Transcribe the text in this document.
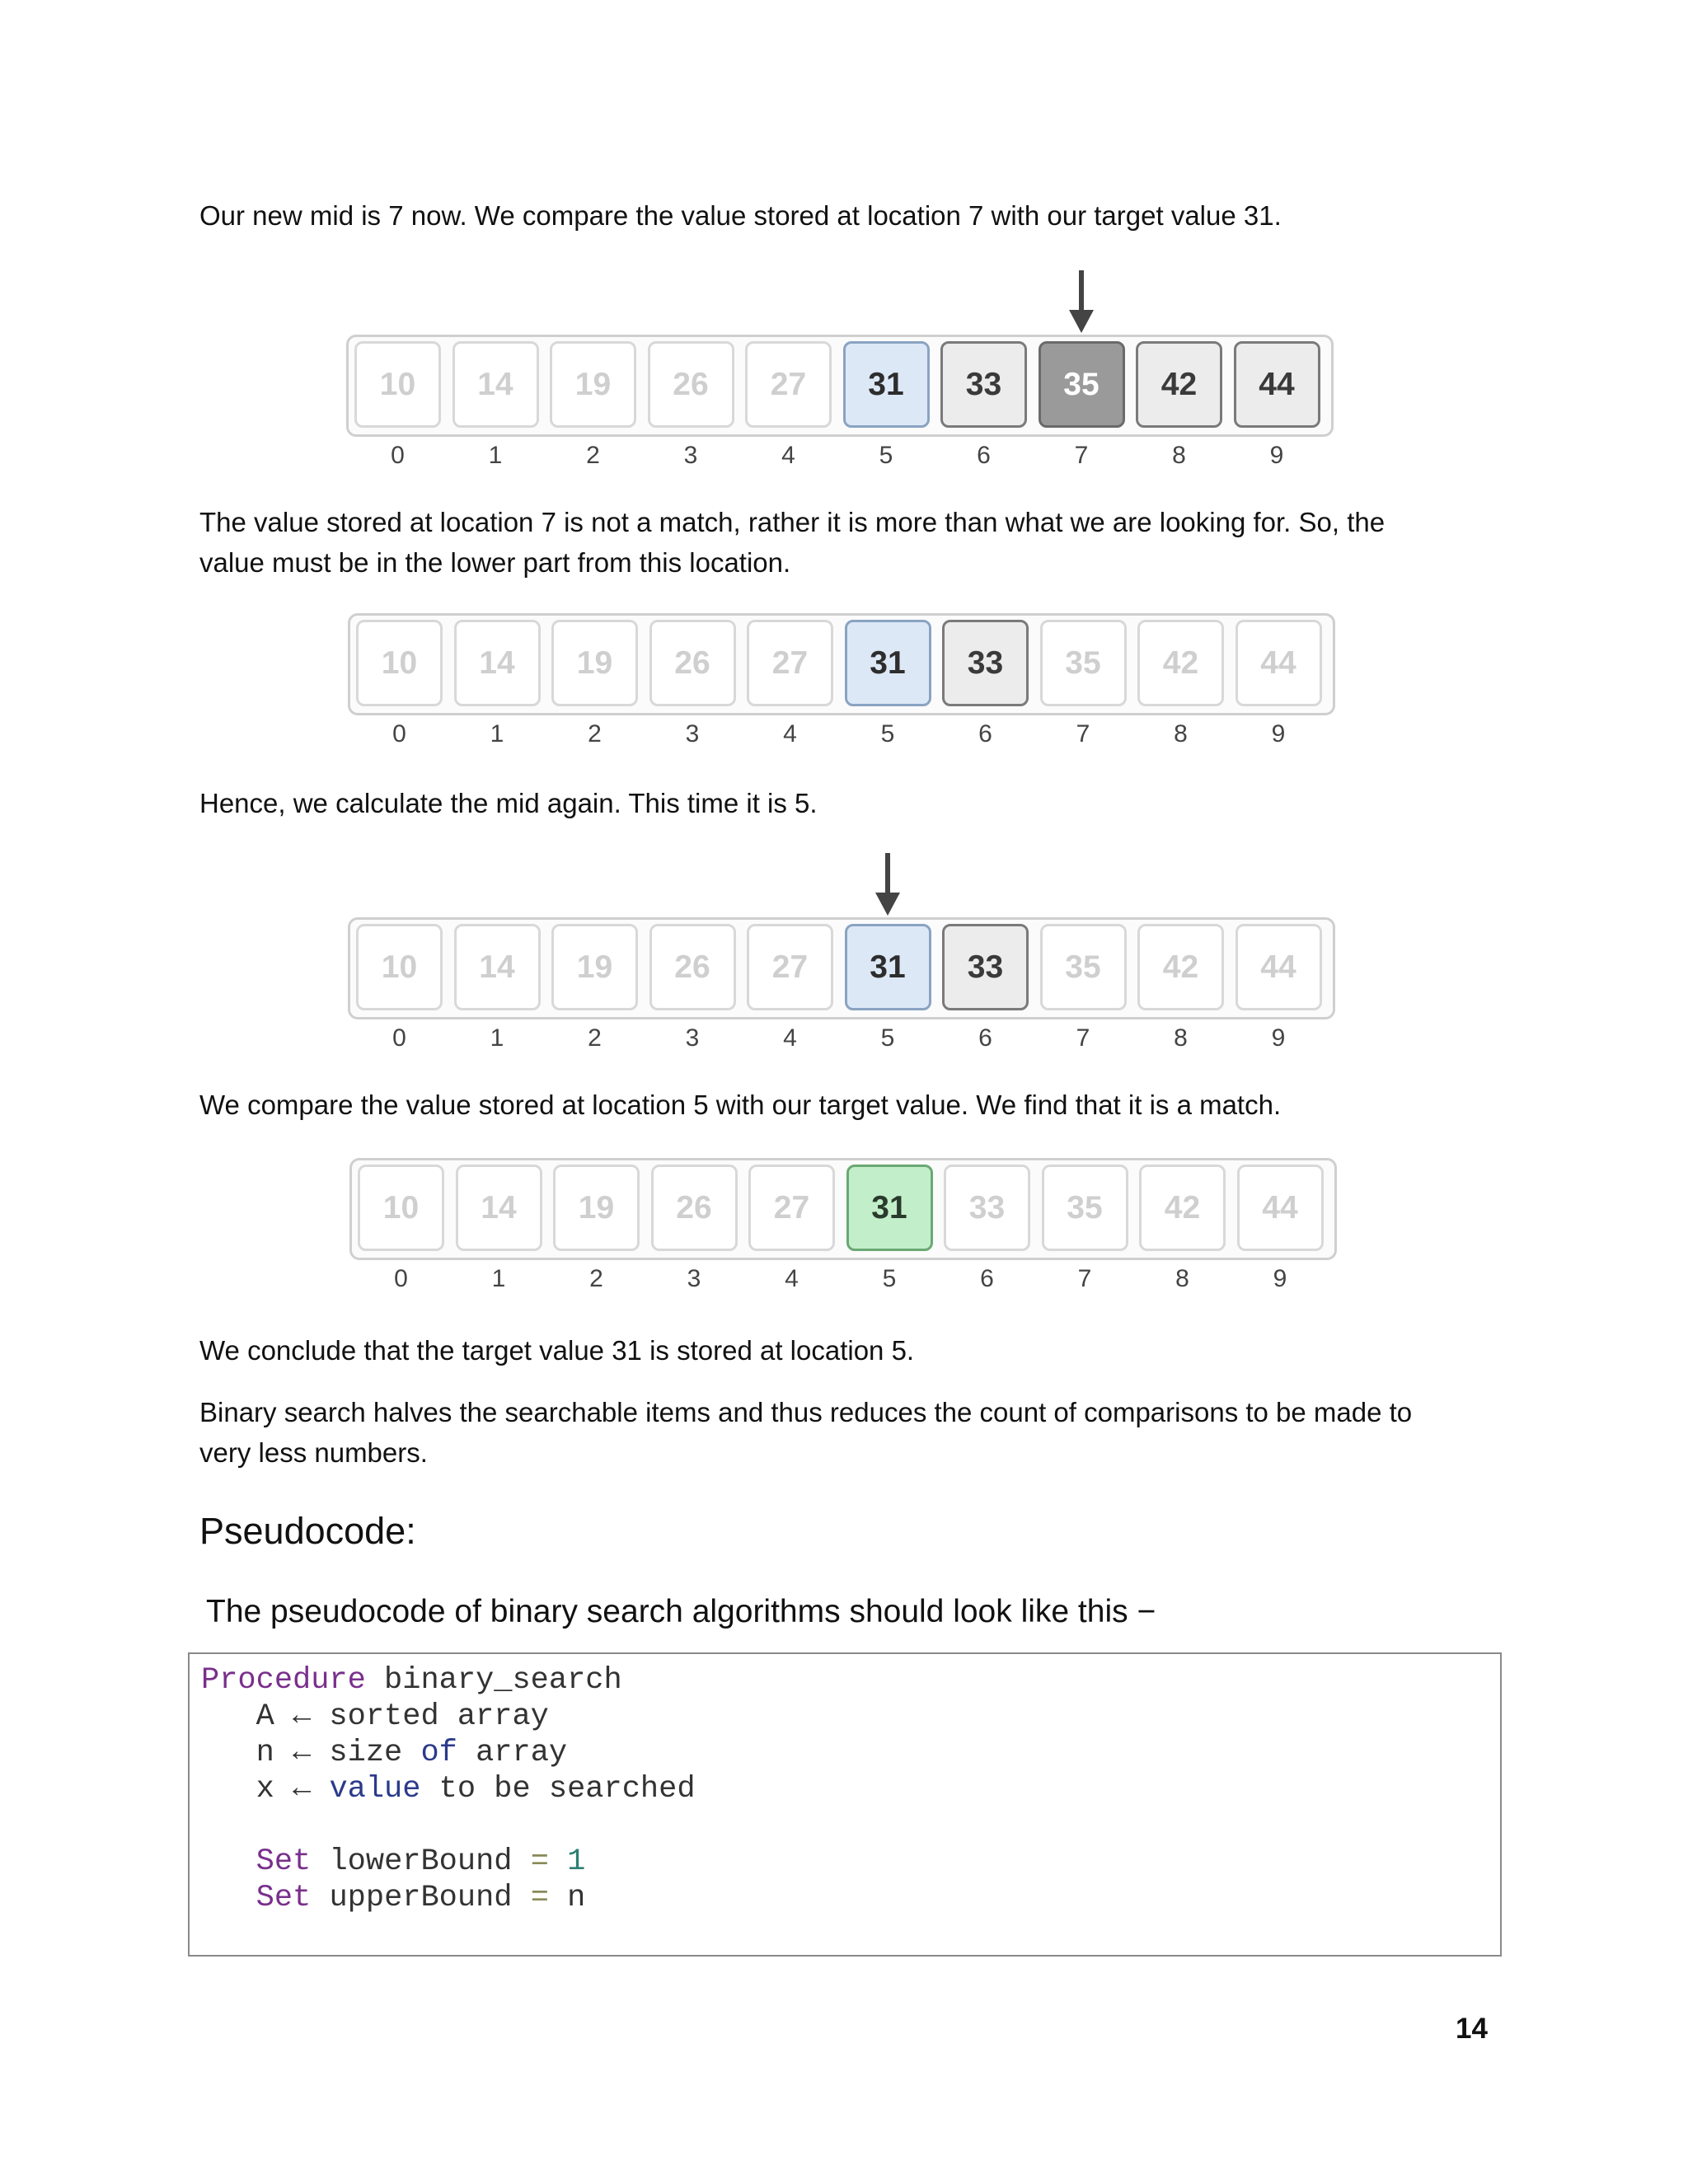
Our new mid is 7 now. We compare the value stored at location 7 with our target value 31.

10
0
14
1
19
2
26
3
27
4
31
5
33
6
35
7
42
8
44
9

The value stored at location 7 is not a match, rather it is more than what we are looking for. So, the value must be in the lower part from this location.

10
0
14
1
19
2
26
3
27
4
31
5
33
6
35
7
42
8
44
9

Hence, we calculate the mid again. This time it is 5.

10
0
14
1
19
2
26
3
27
4
31
5
33
6
35
7
42
8
44
9

We compare the value stored at location 5 with our target value. We find that it is a match.

10
0
14
1
19
2
26
3
27
4
31
5
33
6
35
7
42
8
44
9

We conclude that the target value 31 is stored at location 5.

Binary search halves the searchable items and thus reduces the count of comparisons to be made to very less numbers.

Pseudocode:

The pseudocode of binary search algorithms should look like this −

Procedure binary_search
A ← sorted array
n ← size of array
x ← value to be searched

Set lowerBound = 1
Set upperBound = n
14
